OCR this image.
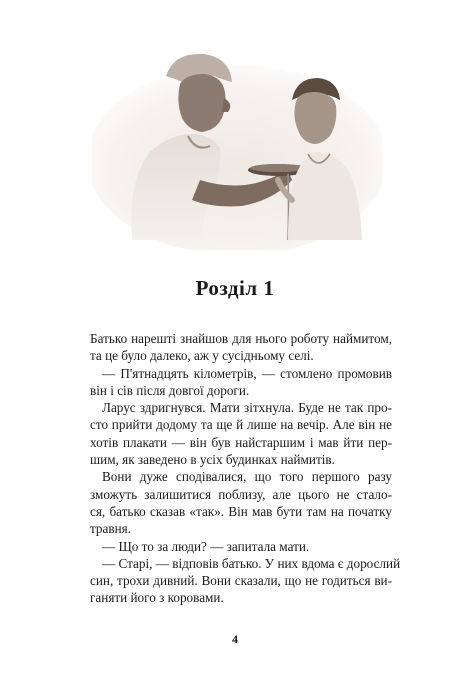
Розділ 1
Батько нарешті знайшов для нього роботу наймитом,
та це було далеко, аж у сусідньому селі.
— П'ятнадцять кілометрів, — стомлено промовив
він і сів після довгої дороги.
Ларус здригнувся. Мати зітхнула. Буде не так про-
сто прийти додому та ще й лише на вечір. Але він не
хотів плакати — він був найстаршим і мав йти пер-
шим, як заведено в усіх будинках наймитів.
Вони дуже сподівалися, що того першого разу
зможуть залишитися поблизу, але цього не стало-
ся, батько сказав «так». Він мав бути там на початку
травня.
— Що то за люди? — запитала мати.
— Старі, — відповів батько. У них вдома є дорослий
син, трохи дивний. Вони сказали, що не годиться ви-
ганяти його з коровами.
4
